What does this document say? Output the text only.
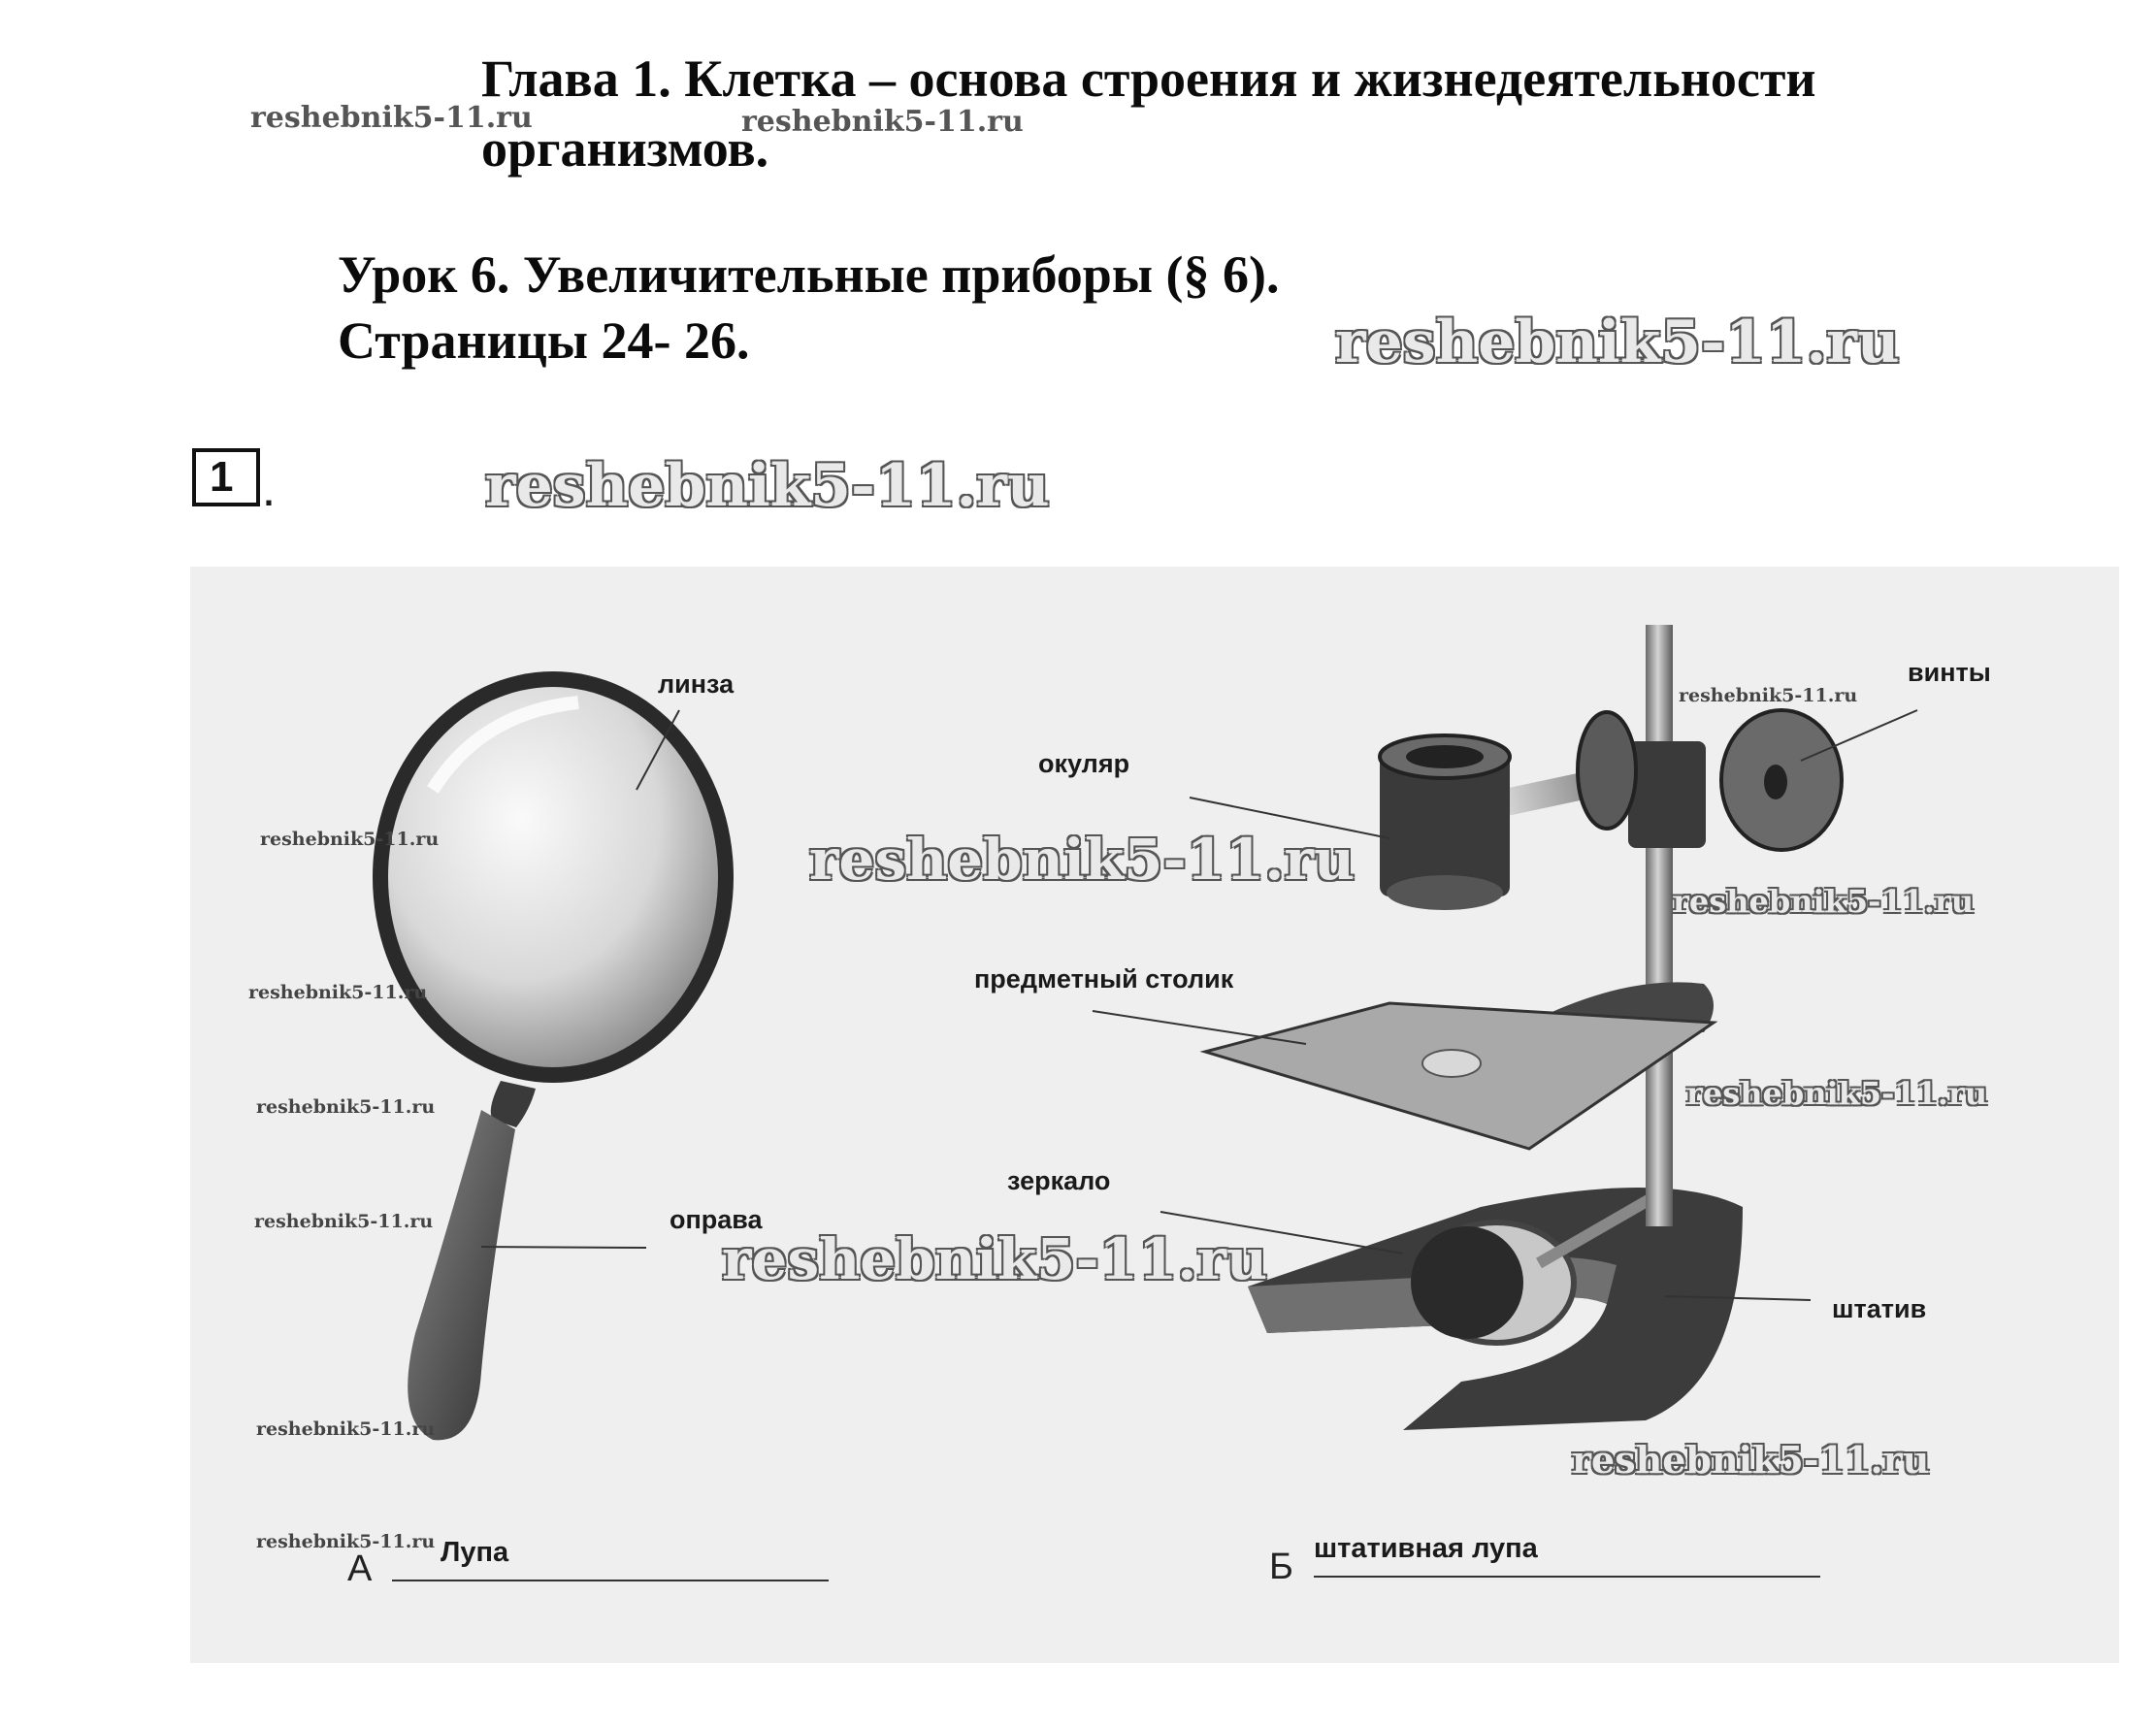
Глава 1. Клетка – основа строения и жизнедеятельности
организмов.
Урок 6. Увеличительные приборы (§ 6).
Страницы 24- 26.
reshebnik5-11.ru	reshebnik5-11.ru
reshebnik5-11.ru
reshebnik5-11.ru
1 .
линза
оправа
окуляр
предметный столик
зеркало
винты
штатив
А Лупа	Б штативная лупа
reshebnik5-11.ru
reshebnik5-11.ru
reshebnik5-11.ru
reshebnik5-11.ru
reshebnik5-11.ru
reshebnik5-11.ru
reshebnik5-11.ru
reshebnik5-11.ru
reshebnik5-11.ru
reshebnik5-11.ru
reshebnik5-11.ru
reshebnik5-11.ru
